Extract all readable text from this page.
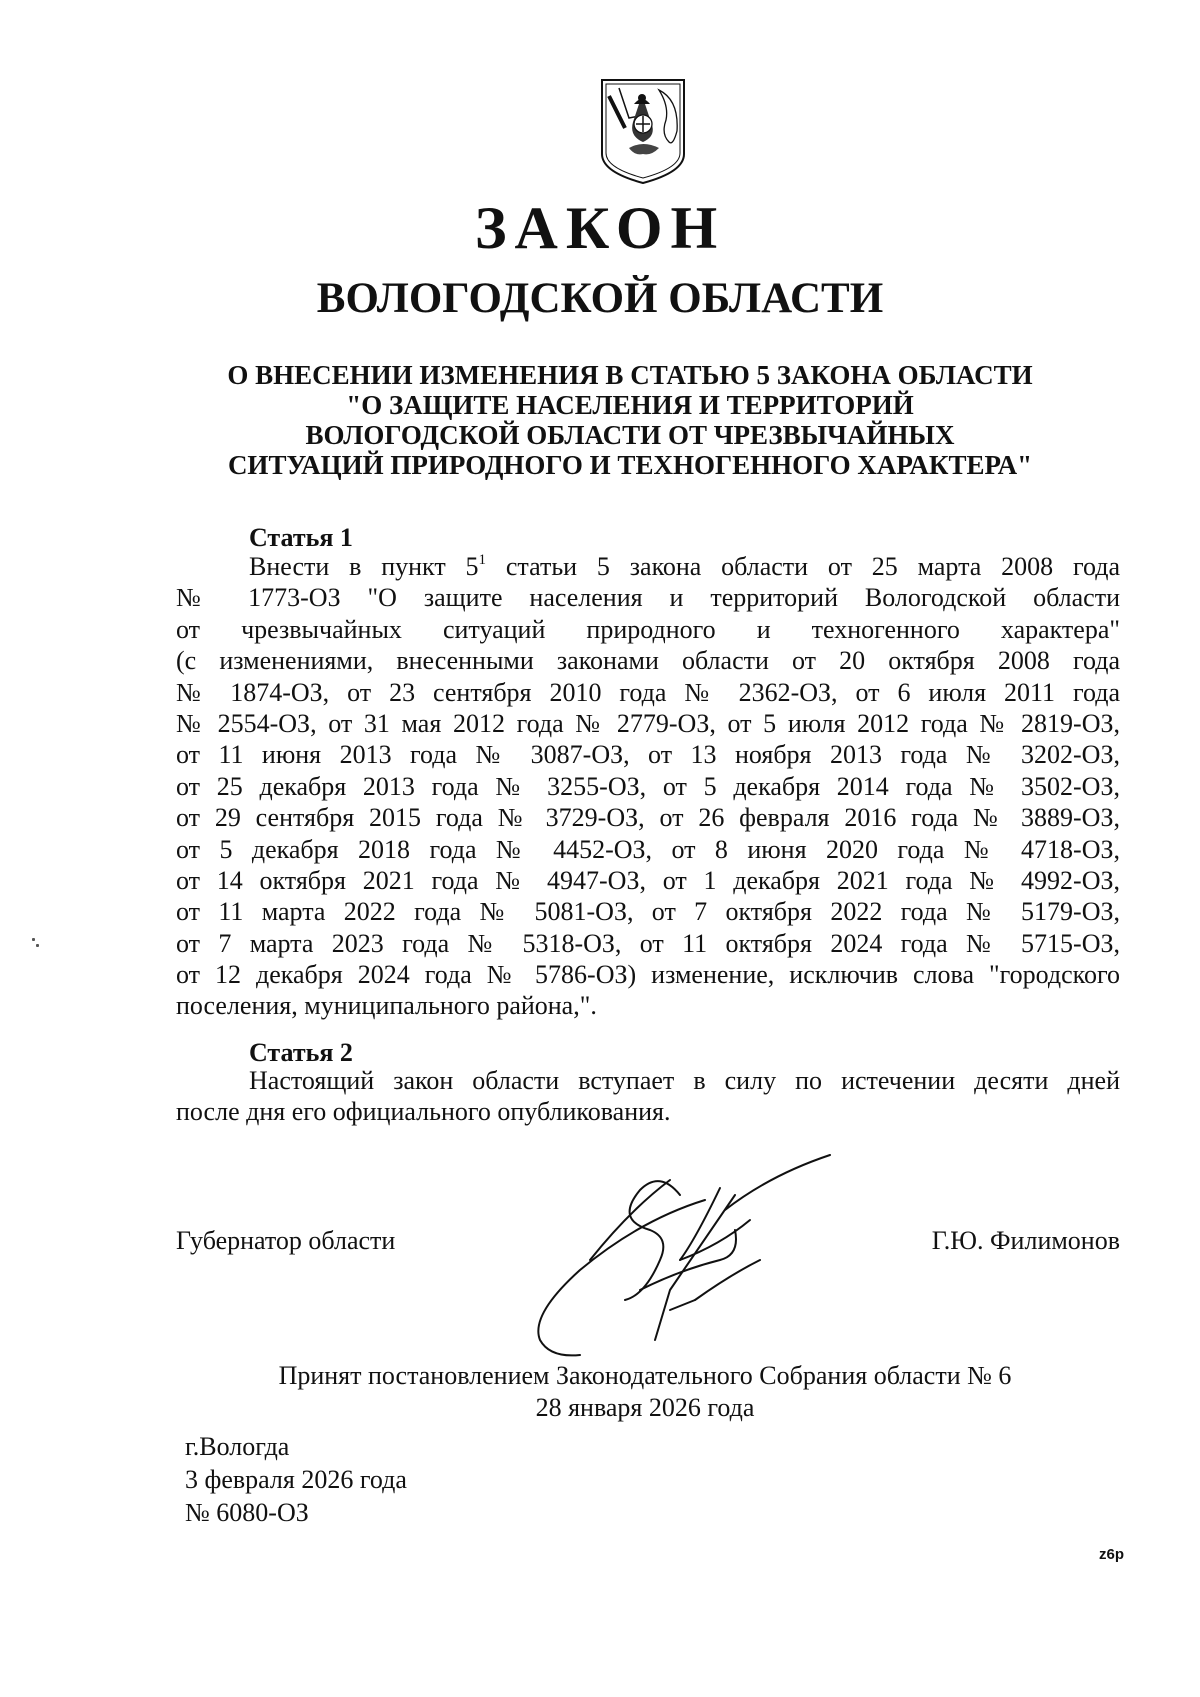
ЗАКОН
ВОЛОГОДСКОЙ ОБЛАСТИ
О ВНЕСЕНИИ ИЗМЕНЕНИЯ В СТАТЬЮ 5 ЗАКОНА ОБЛАСТИ
"О ЗАЩИТЕ НАСЕЛЕНИЯ И ТЕРРИТОРИЙ
ВОЛОГОДСКОЙ ОБЛАСТИ ОТ ЧРЕЗВЫЧАЙНЫХ
СИТУАЦИЙ ПРИРОДНОГО И ТЕХНОГЕННОГО ХАРАКТЕРА"
Статья 1
Внести в пункт $5^1$ статьи 5 закона области от 25 марта 2008 года
№ 1773-ОЗ "О защите населения и территорий Вологодской области
от чрезвычайных ситуаций природного и техногенного характера"
(с изменениями, внесенными законами области от 20 октября 2008 года
№ 1874-ОЗ, от 23 сентября 2010 года № 2362-ОЗ, от 6 июля 2011 года
№ 2554-ОЗ, от 31 мая 2012 года № 2779-ОЗ, от 5 июля 2012 года № 2819-ОЗ,
от 11 июня 2013 года № 3087-ОЗ, от 13 ноября 2013 года № 3202-ОЗ,
от 25 декабря 2013 года № 3255-ОЗ, от 5 декабря 2014 года № 3502-ОЗ,
от 29 сентября 2015 года № 3729-ОЗ, от 26 февраля 2016 года № 3889-ОЗ,
от 5 декабря 2018 года № 4452-ОЗ, от 8 июня 2020 года № 4718-ОЗ,
от 14 октября 2021 года № 4947-ОЗ, от 1 декабря 2021 года № 4992-ОЗ,
от 11 марта 2022 года № 5081-ОЗ, от 7 октября 2022 года № 5179-ОЗ,
от 7 марта 2023 года № 5318-ОЗ, от 11 октября 2024 года № 5715-ОЗ,
от 12 декабря 2024 года № 5786-ОЗ) изменение, исключив слова "городского
поселения, муниципального района,".
Статья 2
Настоящий закон области вступает в силу по истечении десяти дней
после дня его официального опубликования.
Губернатор области	Г.Ю. Филимонов
Принят постановлением Законодательного Собрания области № 6
28 января 2026 года
г.Вологда
3 февраля 2026 года
№ 6080-ОЗ
z6p
